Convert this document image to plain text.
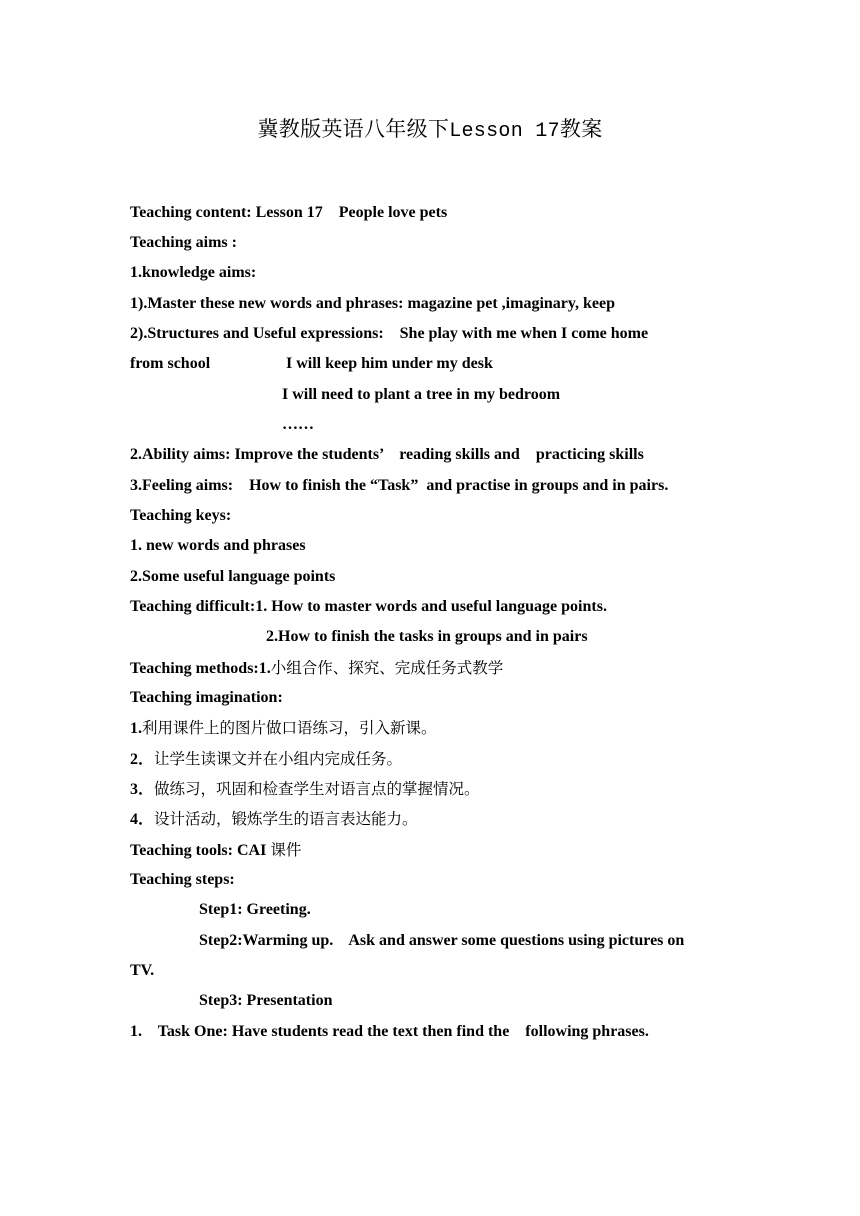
冀教版英语八年级下Lesson 17教案
Teaching content: Lesson 17    People love pets
Teaching aims :
1.knowledge aims:
1).Master these new words and phrases: magazine pet ,imaginary, keep
2).Structures and Useful expressions:    She play with me when I come home
from school	I will keep him under my desk
I will need to plant a tree in my bedroom
……
2.Ability aims: Improve the students’    reading skills and    practicing skills
3.Feeling aims:    How to finish the “Task”  and practise in groups and in pairs.
Teaching keys:
1. new words and phrases
2.Some useful language points
Teaching difficult:1. How to master words and useful language points.
2.How to finish the tasks in groups and in pairs
Teaching methods:1.小组合作、探究、完成任务式教学
Teaching imagination:
1.利用课件上的图片做口语练习，引入新课。
2．让学生读课文并在小组内完成任务。
3．做练习，巩固和检查学生对语言点的掌握情况。
4．设计活动，锻炼学生的语言表达能力。
Teaching tools: CAI 课件
Teaching steps:
Step1: Greeting.
Step2:Warming up.    Ask and answer some questions using pictures on
TV.
Step3: Presentation
1.    Task One: Have students read the text then find the    following phrases.
